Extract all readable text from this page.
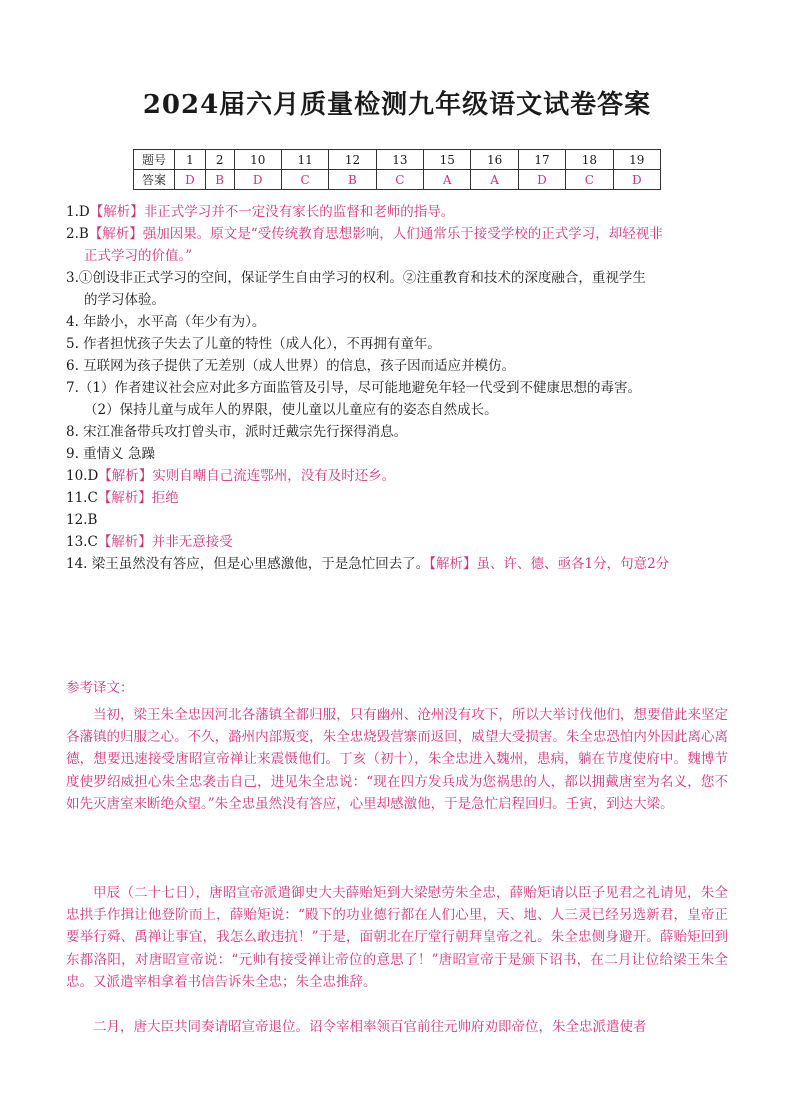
2024届六月质量检测九年级语文试卷答案
题号	1	2	10	11	12	13	15	16	17	18	19
答案	D	B	D	C	B	C	A	A	D	C	D
1.D【解析】非正式学习并不一定没有家长的监督和老师的指导。
2.B【解析】强加因果。原文是“受传统教育思想影响，人们通常乐于接受学校的正式学习，却轻视非
正式学习的价值。”
3.①创设非正式学习的空间，保证学生自由学习的权利。②注重教育和技术的深度融合，重视学生
的学习体验。
4. 年龄小，水平高（年少有为）。
5. 作者担忧孩子失去了儿童的特性（成人化），不再拥有童年。
6. 互联网为孩子提供了无差别（成人世界）的信息，孩子因而适应并模仿。
7.（1）作者建议社会应对此多方面监管及引导，尽可能地避免年轻一代受到不健康思想的毒害。
（2）保持儿童与成年人的界限，使儿童以儿童应有的姿态自然成长。
8. 宋江准备带兵攻打曾头市，派时迁戴宗先行探得消息。
9. 重情义 急躁
10.D【解析】实则自嘲自己流连鄂州，没有及时还乡。
11.C【解析】拒绝
12.B
13.C【解析】并非无意接受
14. 梁王虽然没有答应，但是心里感激他，于是急忙回去了。【解析】虽、许、德、亟各1分，句意2分
参考译文：
当初，梁王朱全忠因河北各藩镇全都归服，只有幽州、沧州没有攻下，所以大举讨伐他们，想要借此来坚定各藩镇的归服之心。不久，潞州内部叛变，朱全忠烧毁营寨而返回，威望大受损害。朱全忠恐怕内外因此离心离德，想要迅速接受唐昭宣帝禅让来震慑他们。丁亥（初十），朱全忠进入魏州，患病，躺在节度使府中。魏博节度使罗绍威担心朱全忠袭击自己，进见朱全忠说：“现在四方发兵成为您祸患的人，都以拥戴唐室为名义，您不如先灭唐室来断绝众望。”朱全忠虽然没有答应，心里却感激他，于是急忙启程回归。壬寅，到达大梁。
甲辰（二十七日），唐昭宣帝派遣御史大夫薛贻矩到大梁慰劳朱全忠，薛贻矩请以臣子见君之礼请见，朱全忠拱手作揖让他登阶而上，薛贻矩说：“殿下的功业德行都在人们心里，天、地、人三灵已经另选新君，皇帝正要举行舜、禹禅让事宜，我怎么敢违抗！”于是，面朝北在厅堂行朝拜皇帝之礼。朱全忠侧身避开。薛贻矩回到东都洛阳，对唐昭宣帝说：“元帅有接受禅让帝位的意思了！”唐昭宣帝于是颁下诏书，在二月让位给梁王朱全忠。又派遣宰相拿着书信告诉朱全忠；朱全忠推辞。
二月，唐大臣共同奏请昭宣帝退位。诏令宰相率领百官前往元帅府劝即帝位，朱全忠派遣使者
